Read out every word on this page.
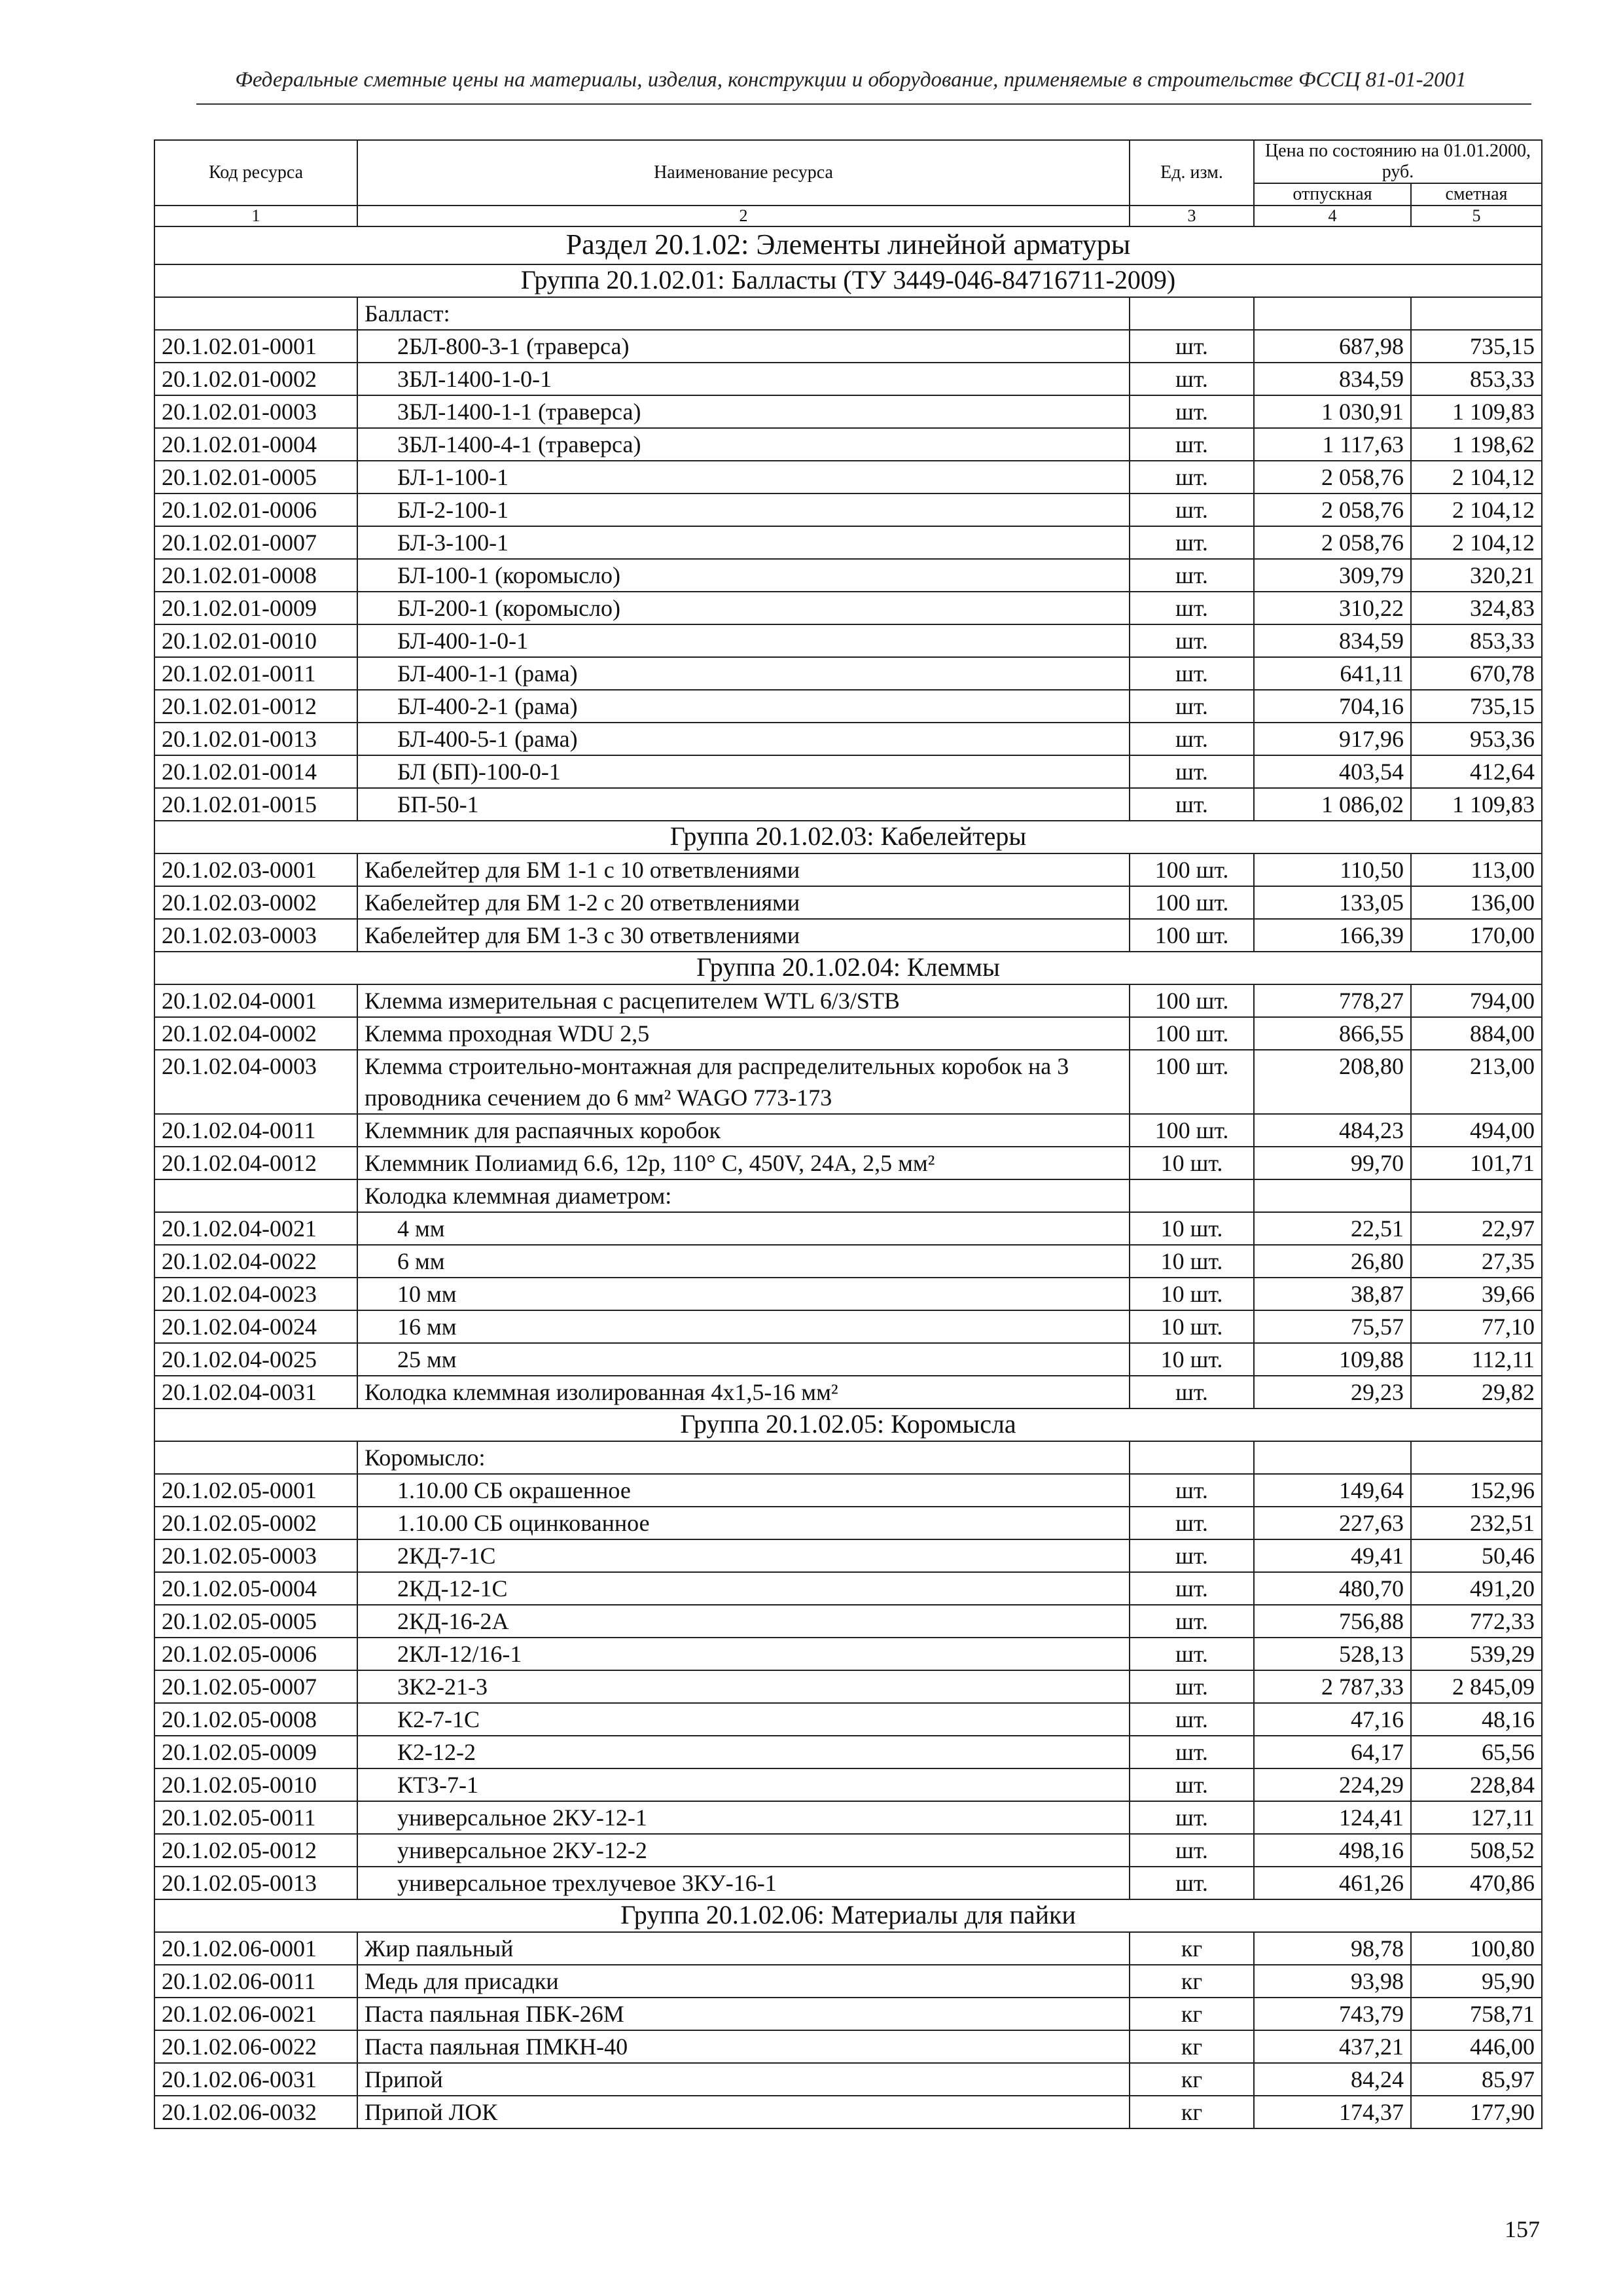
Федеральные сметные цены на материалы, изделия, конструкции и оборудование, применяемые в строительстве ФССЦ 81-01-2001
Код ресурса	Наименование ресурса	Ед. изм.	Цена по состоянию на 01.01.2000, руб.	
			отпускная	сметная
1	2	3	4	5
Раздел 20.1.02: Элементы линейной арматуры				
Группа 20.1.02.01: Балласты (ТУ 3449-046-84716711-2009)				
	Балласт:			
20.1.02.01-0001	2БЛ-800-3-1 (траверса)	шт.	687,98	735,15
20.1.02.01-0002	3БЛ-1400-1-0-1	шт.	834,59	853,33
20.1.02.01-0003	3БЛ-1400-1-1 (траверса)	шт.	1 030,91	1 109,83
20.1.02.01-0004	3БЛ-1400-4-1 (траверса)	шт.	1 117,63	1 198,62
20.1.02.01-0005	БЛ-1-100-1	шт.	2 058,76	2 104,12
20.1.02.01-0006	БЛ-2-100-1	шт.	2 058,76	2 104,12
20.1.02.01-0007	БЛ-3-100-1	шт.	2 058,76	2 104,12
20.1.02.01-0008	БЛ-100-1 (коромысло)	шт.	309,79	320,21
20.1.02.01-0009	БЛ-200-1 (коромысло)	шт.	310,22	324,83
20.1.02.01-0010	БЛ-400-1-0-1	шт.	834,59	853,33
20.1.02.01-0011	БЛ-400-1-1 (рама)	шт.	641,11	670,78
20.1.02.01-0012	БЛ-400-2-1 (рама)	шт.	704,16	735,15
20.1.02.01-0013	БЛ-400-5-1 (рама)	шт.	917,96	953,36
20.1.02.01-0014	БЛ (БП)-100-0-1	шт.	403,54	412,64
20.1.02.01-0015	БП-50-1	шт.	1 086,02	1 109,83
Группа 20.1.02.03: Кабелейтеры				
20.1.02.03-0001	Кабелейтер для БМ 1-1 с 10 ответвлениями	100 шт.	110,50	113,00
20.1.02.03-0002	Кабелейтер для БМ 1-2 с 20 ответвлениями	100 шт.	133,05	136,00
20.1.02.03-0003	Кабелейтер для БМ 1-3 с 30 ответвлениями	100 шт.	166,39	170,00
Группа 20.1.02.04: Клеммы				
20.1.02.04-0001	Клемма измерительная с расцепителем WTL 6/3/STB	100 шт.	778,27	794,00
20.1.02.04-0002	Клемма проходная WDU 2,5	100 шт.	866,55	884,00
20.1.02.04-0003	Клемма строительно-монтажная для распределительных коробок на 3 проводника сечением до 6 мм² WAGO 773-173	100 шт.	208,80	213,00
20.1.02.04-0011	Клеммник для распаячных коробок	100 шт.	484,23	494,00
20.1.02.04-0012	Клеммник Полиамид 6.6, 12р, 110° С, 450V, 24А, 2,5 мм²	10 шт.	99,70	101,71
	Колодка клеммная диаметром:			
20.1.02.04-0021	4 мм	10 шт.	22,51	22,97
20.1.02.04-0022	6 мм	10 шт.	26,80	27,35
20.1.02.04-0023	10 мм	10 шт.	38,87	39,66
20.1.02.04-0024	16 мм	10 шт.	75,57	77,10
20.1.02.04-0025	25 мм	10 шт.	109,88	112,11
20.1.02.04-0031	Колодка клеммная изолированная 4х1,5-16 мм²	шт.	29,23	29,82
Группа 20.1.02.05: Коромысла				
	Коромысло:			
20.1.02.05-0001	1.10.00 СБ окрашенное	шт.	149,64	152,96
20.1.02.05-0002	1.10.00 СБ оцинкованное	шт.	227,63	232,51
20.1.02.05-0003	2КД-7-1С	шт.	49,41	50,46
20.1.02.05-0004	2КД-12-1С	шт.	480,70	491,20
20.1.02.05-0005	2КД-16-2А	шт.	756,88	772,33
20.1.02.05-0006	2КЛ-12/16-1	шт.	528,13	539,29
20.1.02.05-0007	3К2-21-3	шт.	2 787,33	2 845,09
20.1.02.05-0008	К2-7-1С	шт.	47,16	48,16
20.1.02.05-0009	К2-12-2	шт.	64,17	65,56
20.1.02.05-0010	КТЗ-7-1	шт.	224,29	228,84
20.1.02.05-0011	универсальное 2КУ-12-1	шт.	124,41	127,11
20.1.02.05-0012	универсальное 2КУ-12-2	шт.	498,16	508,52
20.1.02.05-0013	универсальное трехлучевое 3КУ-16-1	шт.	461,26	470,86
Группа 20.1.02.06: Материалы для пайки				
20.1.02.06-0001	Жир паяльный	кг	98,78	100,80
20.1.02.06-0011	Медь для присадки	кг	93,98	95,90
20.1.02.06-0021	Паста паяльная ПБК-26М	кг	743,79	758,71
20.1.02.06-0022	Паста паяльная ПМКН-40	кг	437,21	446,00
20.1.02.06-0031	Припой	кг	84,24	85,97
20.1.02.06-0032	Припой ЛОК	кг	174,37	177,90
157
